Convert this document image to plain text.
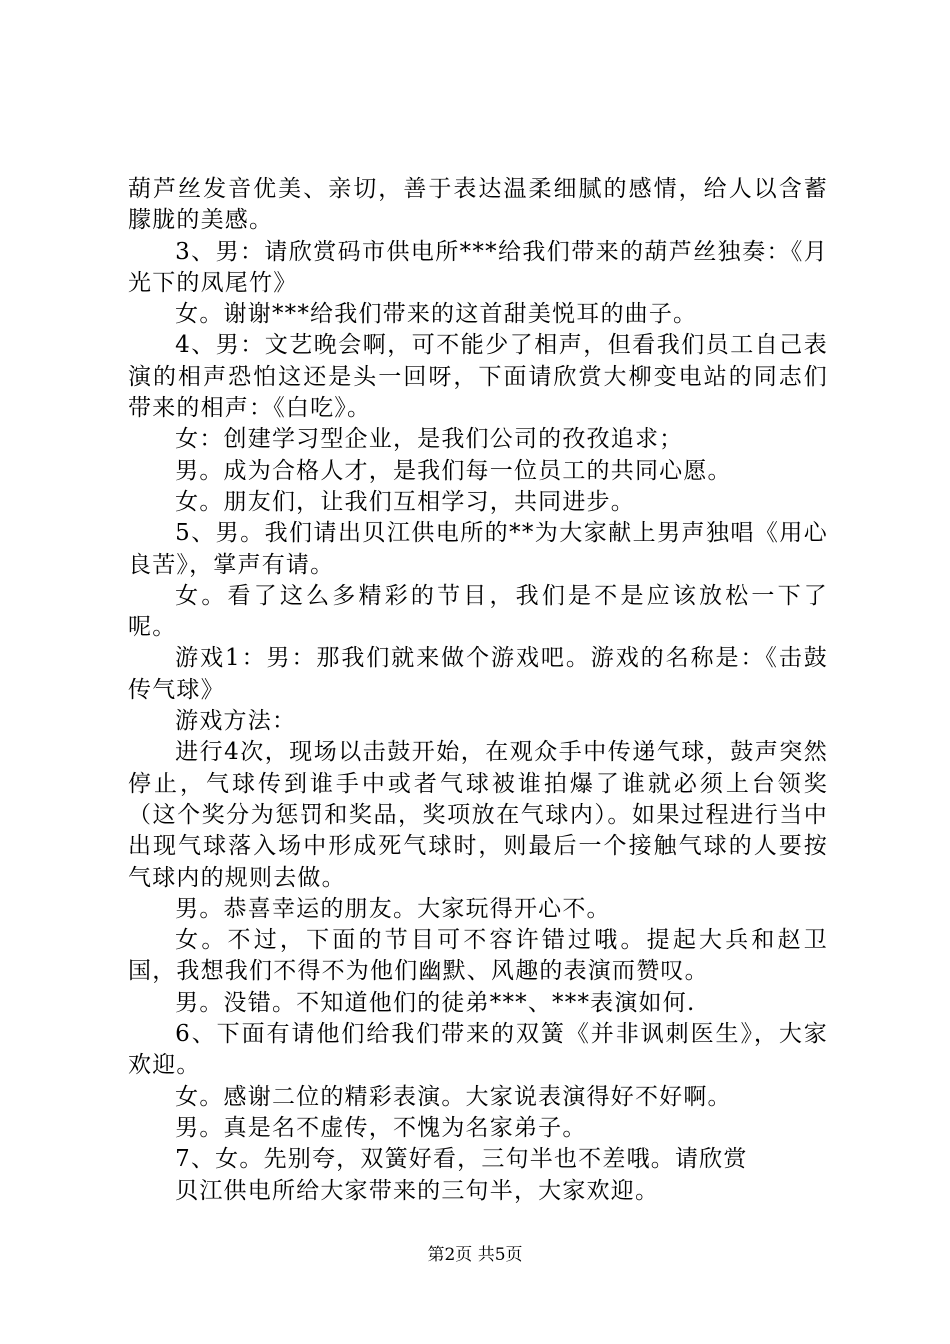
葫芦丝发音优美、亲切，善于表达温柔细腻的感情，给人以含蓄朦胧的美感。

3、男：请欣赏码市供电所***给我们带来的葫芦丝独奏：《月光下的凤尾竹》

女。谢谢***给我们带来的这首甜美悦耳的曲子。

4、男：文艺晚会啊，可不能少了相声，但看我们员工自己表演的相声恐怕这还是头一回呀，下面请欣赏大柳变电站的同志们带来的相声：《白吃》。

女：创建学习型企业，是我们公司的孜孜追求；

男。成为合格人才，是我们每一位员工的共同心愿。

女。朋友们，让我们互相学习，共同进步。

5、男。我们请出贝江供电所的**为大家献上男声独唱《用心良苦》，掌声有请。

女。看了这么多精彩的节目，我们是不是应该放松一下了呢。

游戏1：男：那我们就来做个游戏吧。游戏的名称是：《击鼓传气球》

游戏方法：

进行4次，现场以击鼓开始，在观众手中传递气球，鼓声突然停止，气球传到谁手中或者气球被谁拍爆了谁就必须上台领奖（这个奖分为惩罚和奖品，奖项放在气球内）。如果过程进行当中出现气球落入场中形成死气球时，则最后一个接触气球的人要按气球内的规则去做。

男。恭喜幸运的朋友。大家玩得开心不。

女。不过，下面的节目可不容许错过哦。提起大兵和赵卫国，我想我们不得不为他们幽默、风趣的表演而赞叹。

男。没错。不知道他们的徒弟***、***表演如何.

6、下面有请他们给我们带来的双簧《并非讽刺医生》，大家欢迎。

女。感谢二位的精彩表演。大家说表演得好不好啊。

男。真是名不虚传，不愧为名家弟子。

7、女。先别夸，双簧好看，三句半也不差哦。请欣赏

贝江供电所给大家带来的三句半，大家欢迎。

第2页 共5页
